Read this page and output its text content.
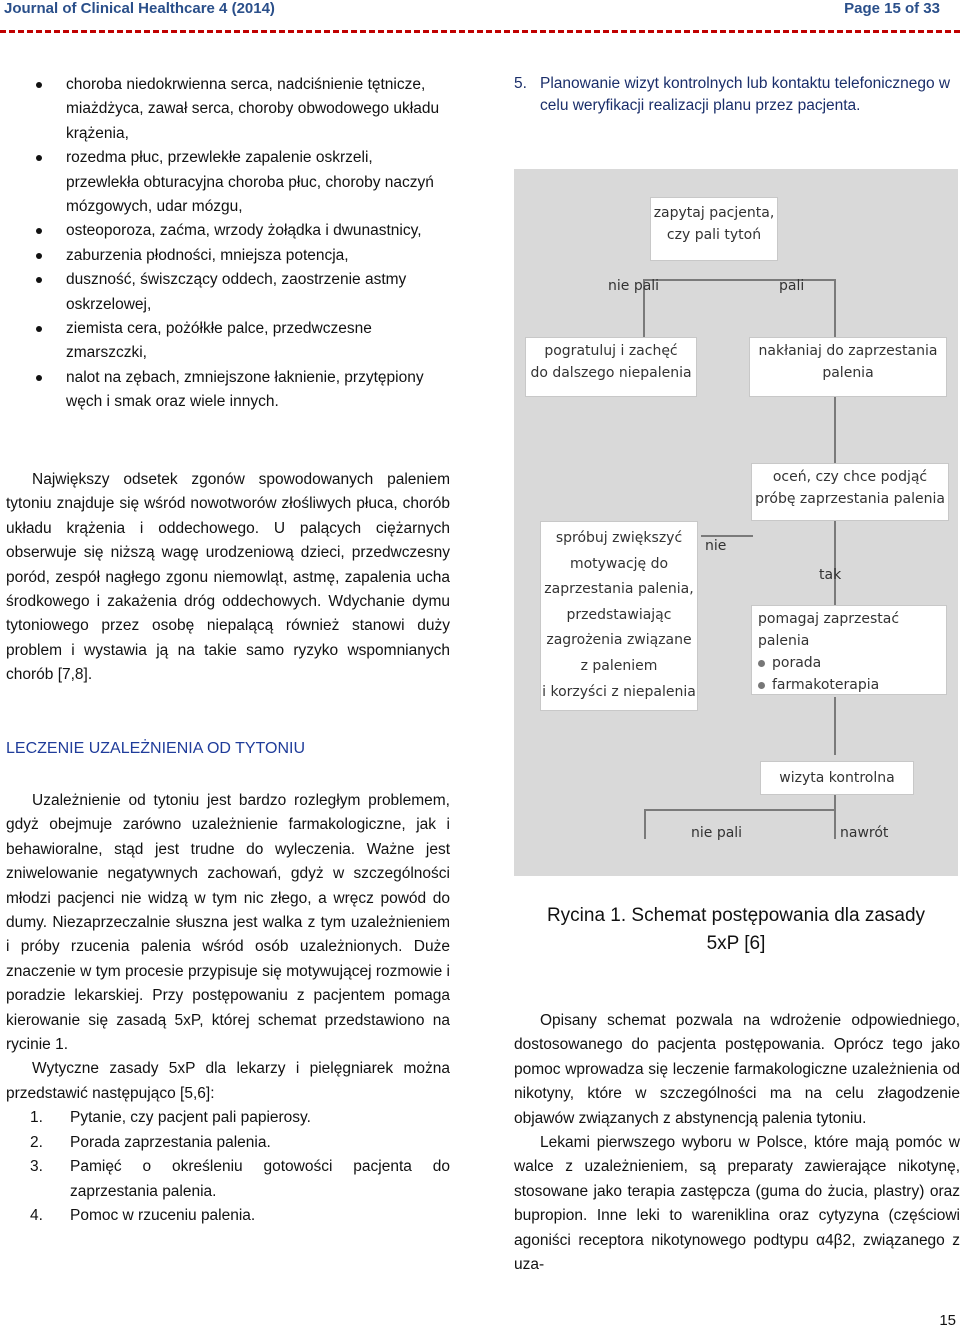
Journal of Clinical Healthcare 4 (2014)	Page 15 of 33
choroba niedokrwienna serca, nadciśnienie tętnicze, miażdżyca, zawał serca, choroby obwodowego układu krążenia,
rozedma płuc, przewlekłe zapalenie oskrzeli, przewlekła obturacyjna choroba płuc, choroby naczyń mózgowych, udar mózgu,
osteoporoza, zaćma, wrzody żołądka i dwunastnicy,
zaburzenia płodności, mniejsza potencja,
duszność, świszczący oddech, zaostrzenie astmy oskrzelowej,
ziemista cera, pożółkłe palce, przedwczesne zmarszczki,
nalot na zębach, zmniejszone łaknienie, przytępiony węch i smak oraz wiele innych.

Największy odsetek zgonów spowodowanych paleniem tytoniu znajduje się wśród nowotworów złośliwych płuca, chorób układu krążenia i oddechowego. U palących ciężarnych obserwuje się niższą wagę urodzeniową dzieci, przedwczesny poród, zespół nagłego zgonu niemowląt, astmę, zapalenia ucha środkowego i zakażenia dróg oddechowych. Wdychanie dymu tytoniowego przez osobę niepalącą również stanowi duży problem i wystawia ją na takie samo ryzyko wspomnianych chorób [7,8].

LECZENIE UZALEŻNIENIA OD TYTONIU

Uzależnienie od tytoniu jest bardzo rozległym problemem, gdyż obejmuje zarówno uzależnienie farmakologiczne, jak i behawioralne, stąd jest trudne do wyleczenia. Ważne jest zniwelowanie negatywnych zachowań, gdyż w szczególności młodzi pacjenci nie widzą w tym nic złego, a wręcz powód do dumy. Niezaprzeczalnie słuszna jest walka z tym uzależnieniem i próby rzucenia palenia wśród osób uzależnionych. Duże znaczenie w tym procesie przypisuje się motywującej rozmowie i poradzie lekarskiej. Przy postępowaniu z pacjentem pomaga kierowanie się zasadą 5xP, której schemat przedstawiono na rycinie 1.

Wytyczne zasady 5xP dla lekarzy i pielęgniarek można przedstawić następująco [5,6]:

1. Pytanie, czy pacjent pali papierosy.
2. Porada zaprzestania palenia.
3. Pamięć o określeniu gotowości pacjenta do zaprzestania palenia.
4. Pomoc w rzuceniu palenia.
5. Planowanie wizyt kontrolnych lub kontaktu telefonicznego w celu weryfikacji realizacji planu przez pacjenta.
zapytaj pacjenta,
czy pali tytoń
nie pali	pali
pogratuluj i zachęć
do dalszego niepalenia
nakłaniaj do zaprzestania
palenia
oceń, czy chce podjąć
próbę zaprzestania palenia
nie
tak
spróbuj zwiększyć
motywację do
zaprzestania palenia,
przedstawiając
zagrożenia związane
z paleniem
i korzyści z niepalenia
pomagaj zaprzestać palenia
porada
farmakoterapia
wizyta kontrolna
nie pali	nawrót
Rycina 1. Schemat postępowania dla zasady
5xP [6]

Opisany schemat pozwala na wdrożenie odpowiedniego, dostosowanego do pacjenta postępowania. Oprócz tego jako pomoc wprowadza się leczenie farmakologiczne uzależnienia od nikotyny, które w szczególności ma na celu złagodzenie objawów związanych z abstynencją palenia tytoniu.

Lekami pierwszego wyboru w Polsce, które mają pomóc w walce z uzależnieniem, są preparaty zawierające nikotynę, stosowane jako terapia zastępcza (guma do żucia, plastry) oraz bupropion. Inne leki to wareniklina oraz cytyzyna (częściowi agoniści receptora nikotynowego podtypu α4β2, związanego z uza-

15
